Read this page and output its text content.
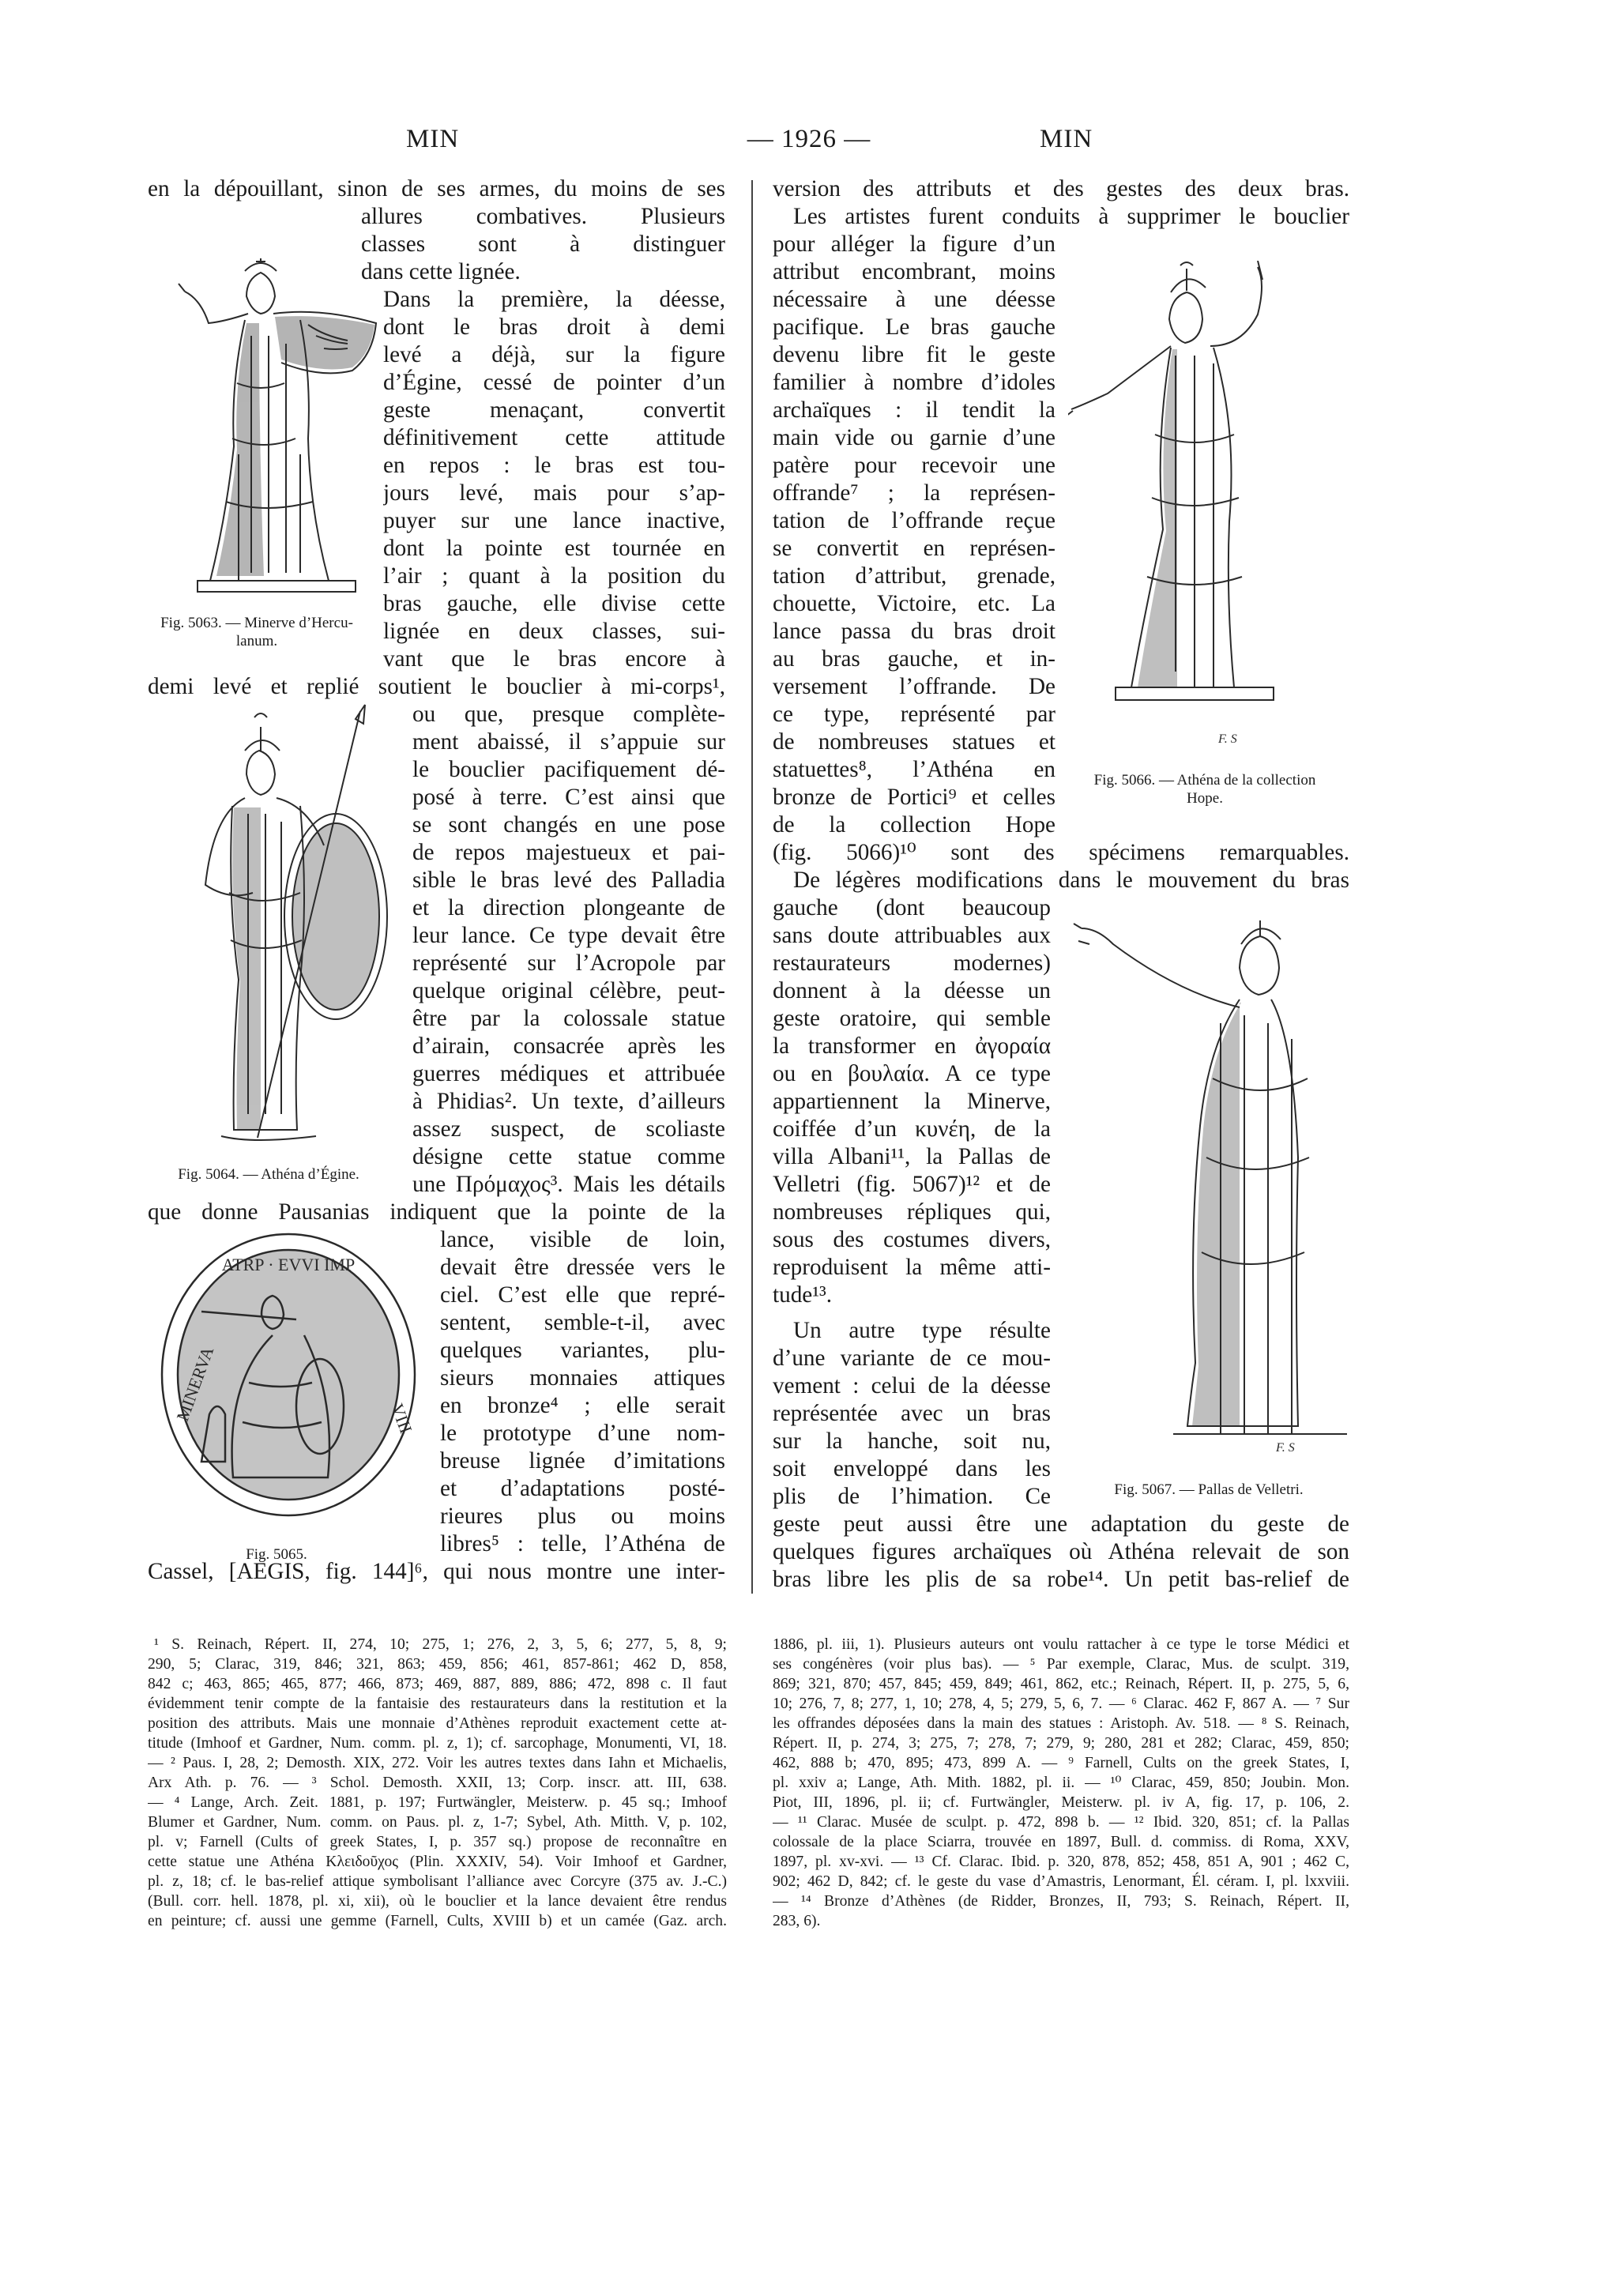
MIN	— 1926 —	MIN
en la dépouillant, sinon de ses armes, du moins de ses
allures combatives. Plusieurs
classes sont à distinguer
dans cette lignée.
Dans la première, la déesse,
dont le bras droit à demi
levé a déjà, sur la figure
d’Égine, cessé de pointer d’un
geste menaçant, convertit
définitivement cette attitude
en repos : le bras est tou-
jours levé, mais pour s’ap-
puyer sur une lance inactive,
dont la pointe est tournée en
l’air ; quant à la position du
bras gauche, elle divise cette
lignée en deux classes, sui-
vant que le bras encore à
demi levé et replié soutient le bouclier à mi-corps¹,
ou que, presque complète-
ment abaissé, il s’appuie sur
le bouclier pacifiquement dé-
posé à terre. C’est ainsi que
se sont changés en une pose
de repos majestueux et pai-
sible le bras levé des Palladia
et la direction plongeante de
leur lance. Ce type devait être
représenté sur l’Acropole par
quelque original célèbre, peut-
être par la colossale statue
d’airain, consacrée après les
guerres médiques et attribuée
à Phidias². Un texte, d’ailleurs
assez suspect, de scoliaste
désigne cette statue comme
une Πρόμαχος³. Mais les détails
que donne Pausanias indiquent que la pointe de la
lance, visible de loin,
devait être dressée vers le
ciel. C’est elle que repré-
sentent, semble-t-il, avec
quelques variantes, plu-
sieurs monnaies attiques
en bronze⁴ ; elle serait
le prototype d’une nom-
breuse lignée d’imitations
et d’adaptations posté-
rieures plus ou moins
libres⁵ : telle, l’Athéna de
Cassel, [AEGIS, fig. 144]⁶, qui nous montre une inter-
version des attributs et des gestes des deux bras.
Les artistes furent conduits à supprimer le bouclier
pour alléger la figure d’un
attribut encombrant, moins
nécessaire à une déesse
pacifique. Le bras gauche
devenu libre fit le geste
familier à nombre d’idoles
archaïques : il tendit la
main vide ou garnie d’une
patère pour recevoir une
offrande⁷ ; la représen-
tation de l’offrande reçue
se convertit en représen-
tation d’attribut, grenade,
chouette, Victoire, etc. La
lance passa du bras droit
au bras gauche, et in-
versement l’offrande. De
ce type, représenté par
de nombreuses statues et
statuettes⁸, l’Athéna en
bronze de Portici⁹ et celles
de la collection Hope
(fig. 5066)¹⁰ sont des spécimens remarquables.
De légères modifications dans le mouvement du bras
gauche (dont beaucoup
sans doute attribuables aux
restaurateurs modernes)
donnent à la déesse un
geste oratoire, qui semble
la transformer en ἀγοραία
ou en βουλαία. A ce type
appartiennent la Minerve,
coiffée d’un κυνέη, de la
villa Albani¹¹, la Pallas de
Velletri (fig. 5067)¹² et de
nombreuses répliques qui,
sous des costumes divers,
reproduisent la même atti-
tude¹³.
Un autre type résulte
d’une variante de ce mou-
vement : celui de la déesse
représentée avec un bras
sur la hanche, soit nu,
soit enveloppé dans les
plis de l’himation. Ce
geste peut aussi être une adaptation du geste de
quelques figures archaïques où Athéna relevait de son
bras libre les plis de sa robe¹⁴. Un petit bas-relief de
Fig. 5063. — Minerve d’Hercu-
lanum.
Fig. 5064. — Athéna d’Égine.
ATRP · EVVI IMP
MINERVA	VIII
Fig. 5065.
F. S
Fig. 5066. — Athéna de la collection
Hope.
F. S
Fig. 5067. — Pallas de Velletri.
¹ S. Reinach, Répert. II, 274, 10; 275, 1; 276, 2, 3, 5, 6; 277, 5, 8, 9;
290, 5; Clarac, 319, 846; 321, 863; 459, 856; 461, 857-861; 462 D, 858,
842 c; 463, 865; 465, 877; 466, 873; 469, 887, 889, 886; 472, 898 c. Il faut
évidemment tenir compte de la fantaisie des restaurateurs dans la restitution et la
position des attributs. Mais une monnaie d’Athènes reproduit exactement cette at-
titude (Imhoof et Gardner, Num. comm. pl. z, 1); cf. sarcophage, Monumenti, VI, 18.
— ² Paus. I, 28, 2; Demosth. XIX, 272. Voir les autres textes dans Iahn et Michaelis,
Arx Ath. p. 76. — ³ Schol. Demosth. XXII, 13; Corp. inscr. att. III, 638.
— ⁴ Lange, Arch. Zeit. 1881, p. 197; Furtwängler, Meisterw. p. 45 sq.; Imhoof
Blumer et Gardner, Num. comm. on Paus. pl. z, 1-7; Sybel, Ath. Mitth. V, p. 102,
pl. v; Farnell (Cults of greek States, I, p. 357 sq.) propose de reconnaître en
cette statue une Athéna Κλειδοῦχος (Plin. XXXIV, 54). Voir Imhoof et Gardner,
pl. z, 18; cf. le bas-relief attique symbolisant l’alliance avec Corcyre (375 av. J.-C.)
(Bull. corr. hell. 1878, pl. xi, xii), où le bouclier et la lance devaient être rendus
en peinture; cf. aussi une gemme (Farnell, Cults, XVIII b) et un camée (Gaz. arch.
1886, pl. iii, 1). Plusieurs auteurs ont voulu rattacher à ce type le torse Médici et
ses congénères (voir plus bas). — ⁵ Par exemple, Clarac, Mus. de sculpt. 319,
869; 321, 870; 457, 845; 459, 849; 461, 862, etc.; Reinach, Répert. II, p. 275, 5, 6,
10; 276, 7, 8; 277, 1, 10; 278, 4, 5; 279, 5, 6, 7. — ⁶ Clarac. 462 F, 867 A. — ⁷ Sur
les offrandes déposées dans la main des statues : Aristoph. Av. 518. — ⁸ S. Reinach,
Répert. II, p. 274, 3; 275, 7; 278, 7; 279, 9; 280, 281 et 282; Clarac, 459, 850;
462, 888 b; 470, 895; 473, 899 A. — ⁹ Farnell, Cults on the greek States, I,
pl. xxiv a; Lange, Ath. Mith. 1882, pl. ii. — ¹⁰ Clarac, 459, 850; Joubin. Mon.
Piot, III, 1896, pl. ii; cf. Furtwängler, Meisterw. pl. iv A, fig. 17, p. 106, 2.
— ¹¹ Clarac. Musée de sculpt. p. 472, 898 b. — ¹² Ibid. 320, 851; cf. la Pallas
colossale de la place Sciarra, trouvée en 1897, Bull. d. commiss. di Roma, XXV,
1897, pl. xv-xvi. — ¹³ Cf. Clarac. Ibid. p. 320, 878, 852; 458, 851 A, 901 ; 462 C,
902; 462 D, 842; cf. le geste du vase d’Amastris, Lenormant, Él. céram. I, pl. lxxviii.
— ¹⁴ Bronze d’Athènes (de Ridder, Bronzes, II, 793; S. Reinach, Répert. II,
283, 6).
